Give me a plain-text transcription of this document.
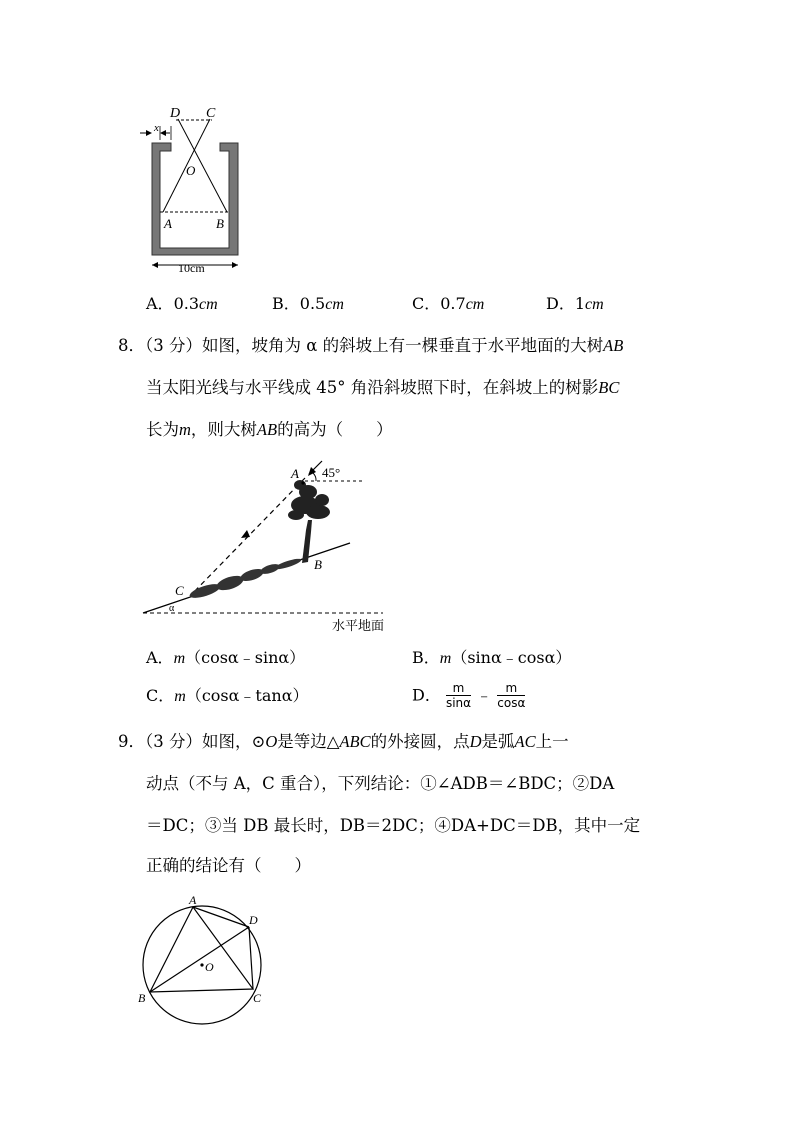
D C
x
O
A	B
10cm
A．0.3cm	B．0.5cm	C．0.7cm	D．1cm
8．（3 分）如图，坡角为 α 的斜坡上有一棵垂直于水平地面的大树AB
当太阳光线与水平线成 45° 角沿斜坡照下时，在斜坡上的树影BC
长为m，则大树AB的高为（　　）
A 45°
B
C
α
水平地面
A．m（cosα﹣sinα）	B．m（sinα﹣cosα）
C．m（cosα﹣tanα）	D． $\frac{m}{\sin\alpha}$ ﹣ $\frac{m}{\cos\alpha}$
9．（3 分）如图，⊙O是等边△ABC的外接圆，点D是弧AC上一
动点（不与 A，C 重合），下列结论：①∠ADB＝∠BDC；②DA
＝DC；③当 DB 最长时，DB＝2DC；④DA+DC＝DB，其中一定
正确的结论有（　　）
A
D
O
B	C
